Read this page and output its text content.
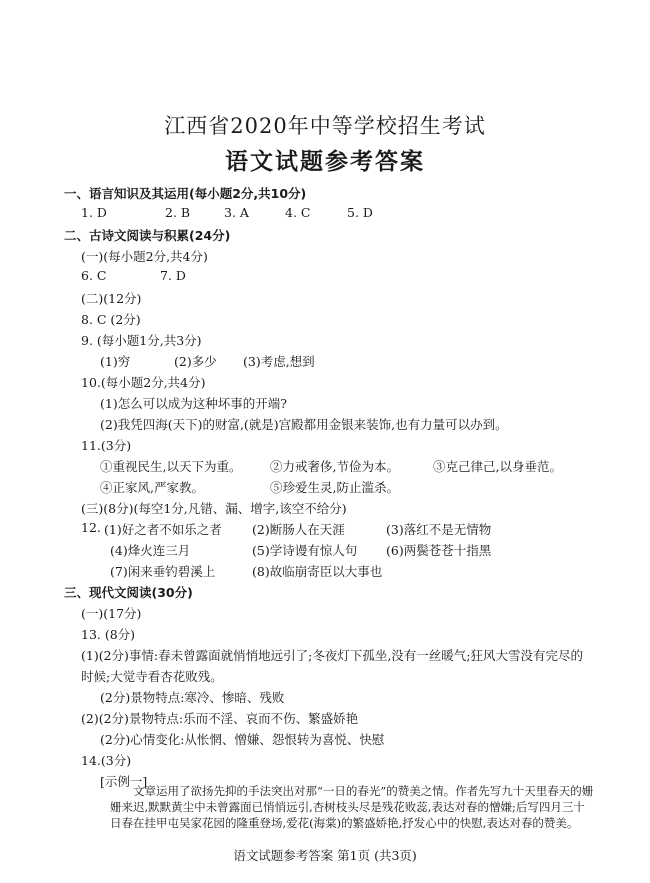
江西省2020年中等学校招生考试
语文试题参考答案
一、语言知识及其运用(每小题2分,共10分)
1. D	2. B	3. A	4. C	5. D
二、古诗文阅读与积累(24分)
(一)(每小题2分,共4分)
6. C	7. D
(二)(12分)
8. C (2分)
9. (每小题1分,共3分)
(1)穷	(2)多少 (3)考虑,想到
10.(每小题2分,共4分)
(1)怎么可以成为这种坏事的开端?
(2)我凭四海(天下)的财富,(就是)宫殿都用金银来装饰,也有力量可以办到。
11.(3分)
①重视民生,以天下为重。 ②力戒奢侈,节俭为本。	③克己律己,以身垂范。
④正家风,严家教。	⑤珍爱生灵,防止滥杀。
(三)(8分)(每空1分,凡错、漏、增字,该空不给分)
12. (1)好之者不如乐之者 (2)断肠人在天涯	(3)落红不是无情物
(4)烽火连三月	(5)学诗谩有惊人句 (6)两鬓苍苍十指黑
(7)闲来垂钓碧溪上	(8)故临崩寄臣以大事也
三、现代文阅读(30分)
(一)(17分)
13. (8分)
(1)(2分)事情:春未曾露面就悄悄地远引了;冬夜灯下孤坐,没有一丝暖气;狂风大雪没有完尽的时候;大觉寺看杏花败残。
(2分)景物特点:寒冷、惨暗、残败
(2)(2分)景物特点:乐而不淫、哀而不伤、繁盛娇艳
(2分)心情变化:从怅惘、憎嫌、怨恨转为喜悦、快慰
14.(3分)
[示例一]
文章运用了欲扬先抑的手法突出对那“一日的春光”的赞美之情。作者先写九十天里春天的姗姗来迟,默默黄尘中未曾露面已悄悄远引,杏树枝头尽是残花败蕊,表达对春的憎嫌;后写四月三十日春在挂甲屯吴家花园的隆重登场,爱花(海棠)的繁盛娇艳,抒发心中的快慰,表达对春的赞美。
语文试题参考答案 第1页 (共3页)
